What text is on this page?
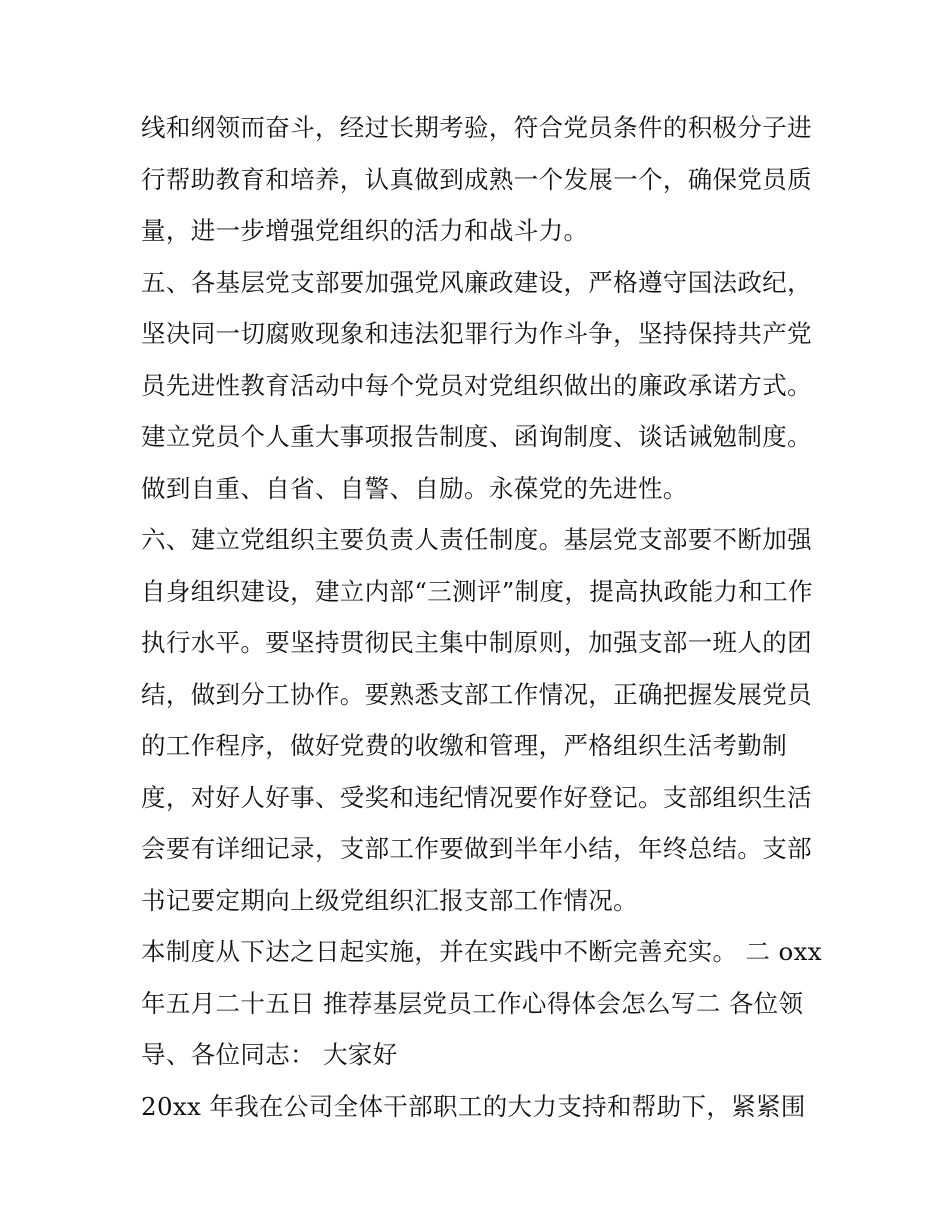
线和纲领而奋斗，经过长期考验，符合党员条件的积极分子进
行帮助教育和培养，认真做到成熟一个发展一个，确保党员质
量，进一步增强党组织的活力和战斗力。
五、各基层党支部要加强党风廉政建设，严格遵守国法政纪，
坚决同一切腐败现象和违法犯罪行为作斗争，坚持保持共产党
员先进性教育活动中每个党员对党组织做出的廉政承诺方式。
建立党员个人重大事项报告制度、函询制度、谈话诫勉制度。
做到自重、自省、自警、自励。永葆党的先进性。
六、建立党组织主要负责人责任制度。基层党支部要不断加强
自身组织建设，建立内部“三测评”制度，提高执政能力和工作
执行水平。要坚持贯彻民主集中制原则，加强支部一班人的团
结，做到分工协作。要熟悉支部工作情况，正确把握发展党员
的工作程序，做好党费的收缴和管理，严格组织生活考勤制
度，对好人好事、受奖和违纪情况要作好登记。支部组织生活
会要有详细记录，支部工作要做到半年小结，年终总结。支部
书记要定期向上级党组织汇报支部工作情况。
本制度从下达之日起实施，并在实践中不断完善充实。 二 oxx
年五月二十五日 推荐基层党员工作心得体会怎么写二 各位领
导、各位同志： 大家好
20xx 年我在公司全体干部职工的大力支持和帮助下，紧紧围
